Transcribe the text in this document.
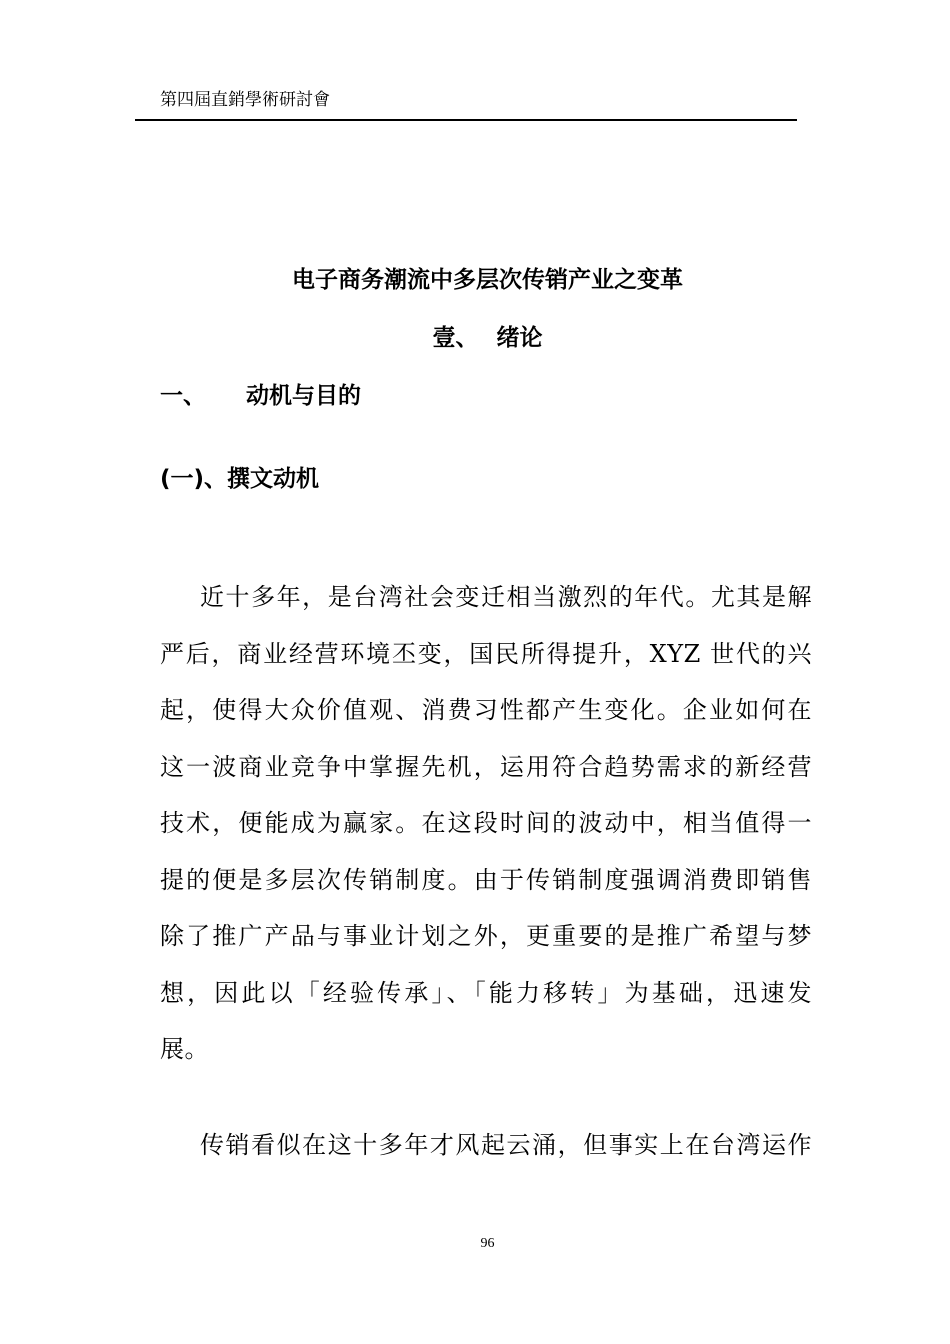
第四屆直銷學術研討會
电子商务潮流中多层次传销产业之变革
壹、 绪论
一、 动机与目的
(一)、撰文动机
近十多年，是台湾社会变迁相当激烈的年代。尤其是解
严后，商业经营环境丕变，国民所得提升，XYZ 世代的兴
起，使得大众价值观、消费习性都产生变化。企业如何在
这一波商业竞争中掌握先机，运用符合趋势需求的新经营
技术，便能成为赢家。在这段时间的波动中，相当值得一
提的便是多层次传销制度。由于传销制度强调消费即销售
除了推广产品与事业计划之外，更重要的是推广希望与梦
想，因此以「经验传承」、「能力移转」为基础，迅速发
展。
传销看似在这十多年才风起云涌，但事实上在台湾运作
96
